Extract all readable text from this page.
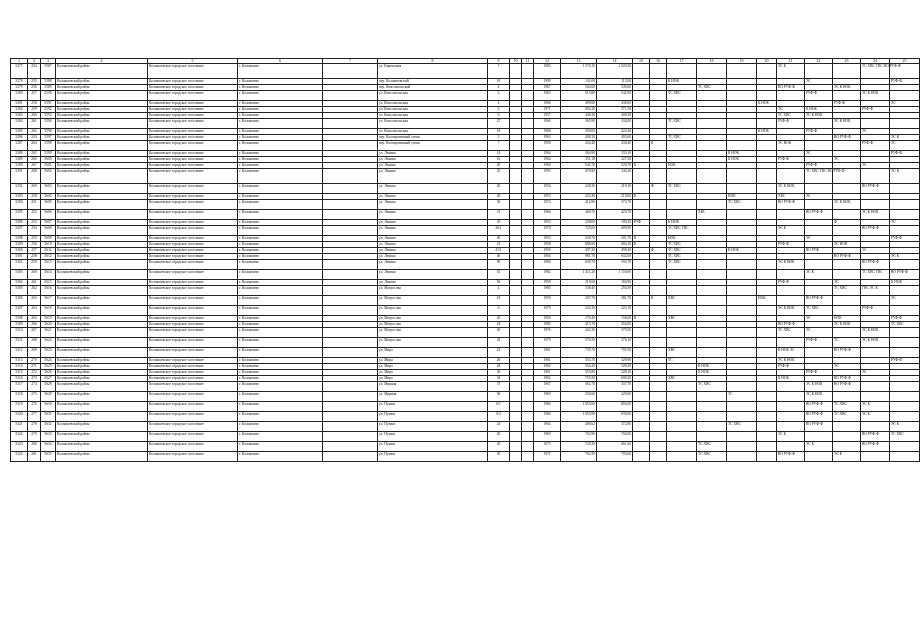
1	2	3	4	5	6	7	8	9	10	11	12	13	14	15	16	17	18	19	20	21	22	23	24	25
5277	254	5587	Колпашевский район	Колпашевское городское поселение	г. Колпашево		ул. Кирпичная	7			1983	1 570,10	1 020,50							ЭС К			ТС ХВС ГВС НО РУФ-Ф	
5278	255	5588	Колпашевский район	Колпашевское городское поселение	г. Колпашево		пер. Колпашевский	10			1990	141,00	113,00			К НОК					ЭС			РУФ-Ф
5279	256	5589	Колпашевский район	Колпашевское городское поселение	г. Колпашево		пер. Комсомольский	4			1967	564,60	549,60				ТС ХВС			ВО РУФ-Ф		ЭС К НОК		
5280	257	5590	Колпашевский район	Колпашевское городское поселение	г. Колпашево		ул. Комсомольская	2			1963	615,80	542,90			ТС ХВС					РУФ-Ф		ЭС К НОК	
5281	258	5591	Колпашевский район	Колпашевское городское поселение	г. Колпашево		ул. Комсомольская	4			1966	499,80	438,00						К НОК			РУФ-Ф		ЭС
5282	259	5592	Колпашевский район	Колпашевское городское поселение	г. Колпашево		ул. Комсомольская	5			1971	602,20	571,50							ЭС	К НОК		РУФ-Ф	
5283	260	5593	Колпашевский район	Колпашевское городское поселение	г. Колпашево		ул. Комсомольская	6			1957	446,30	408,30							ТС ХВС	ЭС К НОК			
5284	261	5594	Колпашевский район	Колпашевское городское поселение	г. Колпашево		ул. Комсомольская	27			1966	365,90	334,00			ТС ХВС				РУФ-Ф		ЭС К НОК		
5285	262	5596	Колпашевский район	Колпашевское городское поселение	г. Колпашево		ул. Комсомольская	18			1968	350,65	324,40						К НОК		РУФ-Ф		ЭС	
5286	243	5597	Колпашевский район	Колпашевское городское поселение	г. Колпашево		пер. Кооперативный тупик	3			1963	408,10	403,60			ТС ХВС						ВО РУФ-Ф		ЭС К
5287	264	5598	Колпашевский район	Колпашевское городское поселение	г. Колпашево		пер. Кооперативный тупик	7			1958	434,40	430,40		К					ЭС НОК			РУФ-Ф	ТС
5288	265	5599	Колпашевский район	Колпашевское городское поселение	г. Колпашево		ул. Ленина	14			1964	364,90	333,10					К НОК			ЭС			РУФ-Ф
5289	266	5600	Колпашевский район	Колпашевское городское поселение	г. Колпашево		ул. Ленина	16			1964	351,10	327,50					К НОК		РУФ-Ф		ЭС		
5290	267	5601	Колпашевский район	Колпашевское городское поселение	г. Колпашево		ул. Ленина	20			1960	542,70	520,70	К		НОК					РУФ-Ф		ЭС	
5291	268	5602	Колпашевский район	Колпашевское городское поселение	г. Колпашево		ул. Ленина	25			1993	470,90	344,30								ТС ХВС ГВС ВО РУФ-Ф			ЭС К
5292	269	5603	Колпашевский район	Колпашевское городское поселение	г. Колпашево		ул. Ленина	26			1954	228,30	219,10		Ф	ТС ХВС				ЭС К НОК			ВО РУФ-Ф	
5293	250	5604	Колпашевский район	Колпашевское городское поселение	г. Колпашево		ул. Ленина	29			1953	225,40	210,00	К				НОК		ХВС	ЭС			
5294	251	5605	Колпашевский район	Колпашевское городское поселение	г. Колпашево		ул. Ленина	30			1974	412,90	373,70					ТС ХВС		ВО РУФ-Ф		ЭС К НОК		
5295	252	5606	Колпашевский район	Колпашевское городское поселение	г. Колпашево		ул. Ленина	31			1966	469,70	423,70				ХВС				ВО РУФ-Ф		ЭС К НОК	
5296	253	5607	Колпашевский район	Колпашевское городское поселение	г. Колпашево		ул. Ленина	35			1953	238,00	199,20	РУФ		К НОК						Ф		ЭС
5297	254	5608	Колпашевский район	Колпашевское городское поселение	г. Колпашево		ул. Ленина	36/1			1970	725,00	689,90			ТС ХВС ГВС				ЭС К			ВО РУФ-Ф	
5298	255	5609	Колпашевский район	Колпашевское городское поселение	г. Колпашево		ул. Ленина	40			1953	230,70	201,70	К		НОК					ЭС			РУФ-Ф
5299	256	5610	Колпашевский район	Колпашевское городское поселение	г. Колпашево		ул. Ленина	41			1958	686,60	666,10	К		ТС ХВС				РУФ-Ф		ЭС НОК		
5300	257	5611	Колпашевский район	Колпашевское городское поселение	г. Колпашево		ул. Ленина	41/1			1956	497,20	458,40		Ф	ТС ХВС		К НОК			ВО РУФ		ЭС	
5301	258	5612	Колпашевский район	Колпашевское городское поселение	г. Колпашево		ул. Ленина	46			1964	981,70	632,60			ТС ХВС						ВО РУФ-Ф		ЭС К
5302	259	5613	Колпашевский район	Колпашевское городское поселение	г. Колпашево		ул. Ленина	50			1969	639,70	593,70			ТС ХВС				ЭС К НОК			ВО РУФ-Ф	
5303	260	5614	Колпашевский район	Колпашевское городское поселение	г. Колпашево		ул. Ленина	55			1982	1 411,20	1 150,00								ЭС К		ТС ХВС ГВС	ВО РУФ-Ф
5304	261	5615	Колпашевский район	Колпашевское городское поселение	г. Колпашево		ул. Ленина	56			1959	219,60	184,90							РУФ-Ф		ЭС		К НОК
5305	262	5616	Колпашевский район	Колпашевское городское поселение	г. Колпашево		ул. Матросова	2			1985	338,40	250,50									ТС ХВС	ГВС ЭС К	
5306	263	5617	Колпашевский район	Колпашевское городское поселение	г. Колпашево		ул. Матросова	18			1959	297,70	281,70		К	ХВС			НОК		ВО РУФ-Ф			ЭС
5307	264	5618	Колпашевский район	Колпашевское городское поселение	г. Колпашево		ул. Матросова	6			1979	243,20	223,10							ЭС К НОК	ТС ХВС		РУФ-Ф	
5308	265	5619	Колпашевский район	Колпашевское городское поселение	г. Колпашево		ул. Матросова	20			1959	170,40	158,60	К		ХВС					ЭС	НОК		РУФ-Ф
5309	266	5620	Колпашевский район	Колпашевское городское поселение	г. Колпашево		ул. Матросова	24			1985	415,70	354,00							ВО РУФ-Ф		ЭС К НОК		ТС ХВС
5310	267	5621	Колпашевский район	Колпашевское городское поселение	г. Колпашево		ул. Матросова	40			1976	422,30	379,50							ТС ХВС	ЭС		ЭС К НОК	
5311	268	5622	Колпашевский район	Колпашевское городское поселение	г. Колпашево		ул. Матросова	42			1979	374,50	276,10								РУФ-Ф	ТС	ЭС К НОК	
5312	269	5623	Колпашевский район	Колпашевское городское поселение	г. Колпашево		ул. Мира	22			1961	735,70	705,50			ХВС				К НОК ЭС		ВО РУФ-Ф		
5313	270	5624	Колпашевский район	Колпашевское городское поселение	г. Колпашево		ул. Мира	26			1961	353,70	329,90			ТС				ЭС К НОК				РУФ-Ф
5314	271	5625	Колпашевский район	Колпашевское городское поселение	г. Колпашево		ул. Мира	28			1964	354,20	328,20				К НОК			РУФ-Ф		ЭС		
5315	272	5626	Колпашевский район	Колпашевское городское поселение	г. Колпашево		ул. Мира	30			1961	355,80	328,10				К НОК				РУФ-Ф		ЭС	
5316	273	5627	Колпашевский район	Колпашевское городское поселение	г. Колпашево		ул. Мира	34			1962	755,50	690,30			ХВС				К НОК		ВО РУФ-Ф		
5317	274	5628	Колпашевский район	Колпашевское городское поселение	г. Колпашево		ул. Мирная	37			1967	362,70	337,70				ТС ХВС				ЭС К НОК	ВО РУФ-Ф		
5318	275	5629	Колпашевский район	Колпашевское городское поселение	г. Колпашево		ул. Мирная	56			1969	356,60	329,60					ТС			ЭС К НОК			
5319	276	5630	Колпашевский район	Колпашевское городское поселение	г. Колпашево		ул. Пушки	6/1			1984	1 055,60	804,00								ВО РУФ-Ф	ТС ХВС	ЭС К	
5320	277	5631	Колпашевский район	Колпашевское городское поселение	г. Колпашево		ул. Пушки	9/2			1984	1 055,80	839,00								ВО РУФ-Ф	ТС ХВС	ЭС К	
5321	278	5632	Колпашевский район	Колпашевское городское поселение	г. Колпашево		ул. Пушки	24			1964	408,62	372,80					ТС ХВС			ВО РУФ-Ф			ЭС К
5322	279	5633	Колпашевский район	Колпашевское городское поселение	г. Колпашево		ул. Пушки	26			1969	763,90	704,00							ЭС К			ВО РУФ-Ф	ТС ХВС
5323	280	5634	Колпашевский район	Колпашевское городское поселение	г. Колпашево		ул. Пушки	29			1975	724,30	661,60				ТС ХВС				ЭС К		ВО РУФ-Ф	
5324	281	5635	Колпашевский район	Колпашевское городское поселение	г. Колпашево		ул. Пушки	30			1971	762,50	703,60				ТС ХВС			ВО РУФ-Ф		ЭС К		
